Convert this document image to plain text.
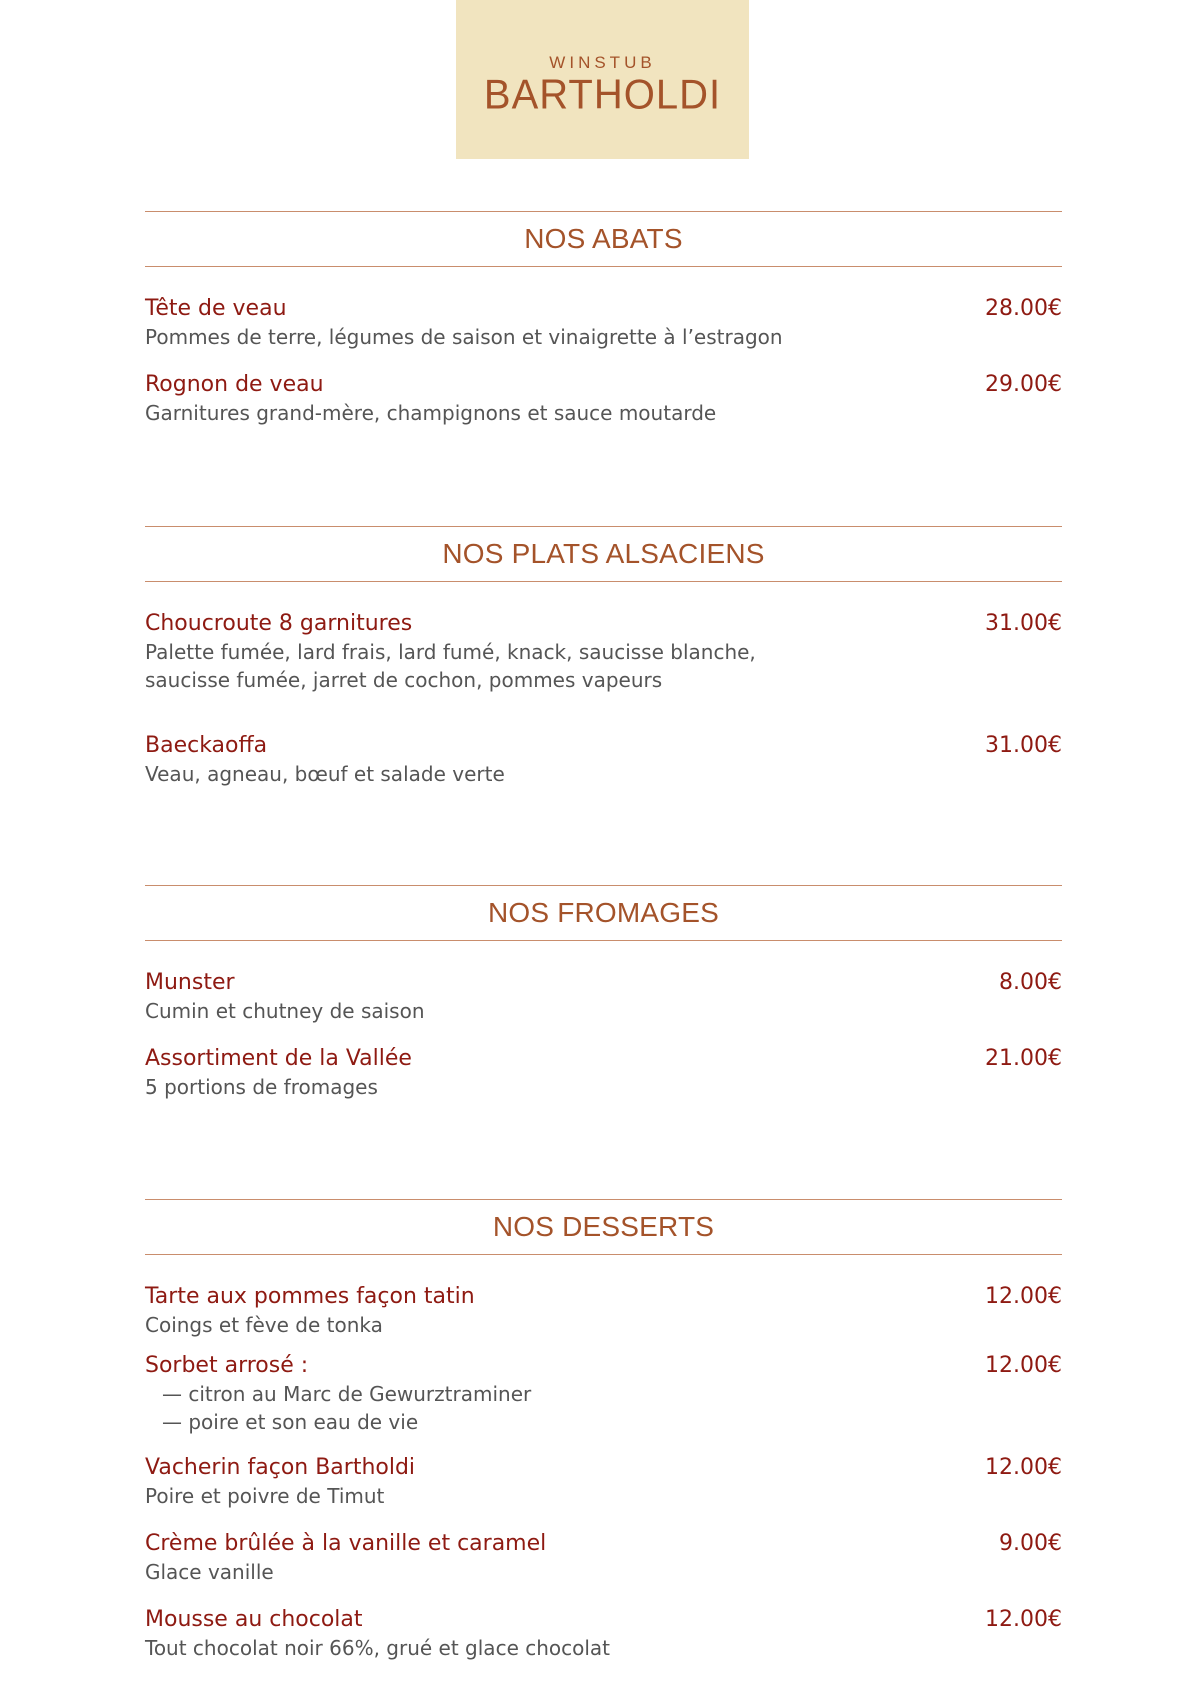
WINSTUB
BARTHOLDI
NOS ABATS
Tête de veau	28.00€
Pommes de terre, légumes de saison et vinaigrette à l’estragon
Rognon de veau	29.00€
Garnitures grand-mère, champignons et sauce moutarde
NOS PLATS ALSACIENS
Choucroute 8 garnitures	31.00€
Palette fumée, lard frais, lard fumé, knack, saucisse blanche,
saucisse fumée, jarret de cochon, pommes vapeurs
Baeckaoffa	31.00€
Veau, agneau, bœuf et salade verte
NOS FROMAGES
Munster	8.00€
Cumin et chutney de saison
Assortiment de la Vallée	21.00€
5 portions de fromages
NOS DESSERTS
Tarte aux pommes façon tatin	12.00€
Coings et fève de tonka
Sorbet arrosé :	12.00€
— citron au Marc de Gewurztraminer
— poire et son eau de vie
Vacherin façon Bartholdi	12.00€
Poire et poivre de Timut
Crème brûlée à la vanille et caramel	9.00€
Glace vanille
Mousse au chocolat	12.00€
Tout chocolat noir 66%, grué et glace chocolat
